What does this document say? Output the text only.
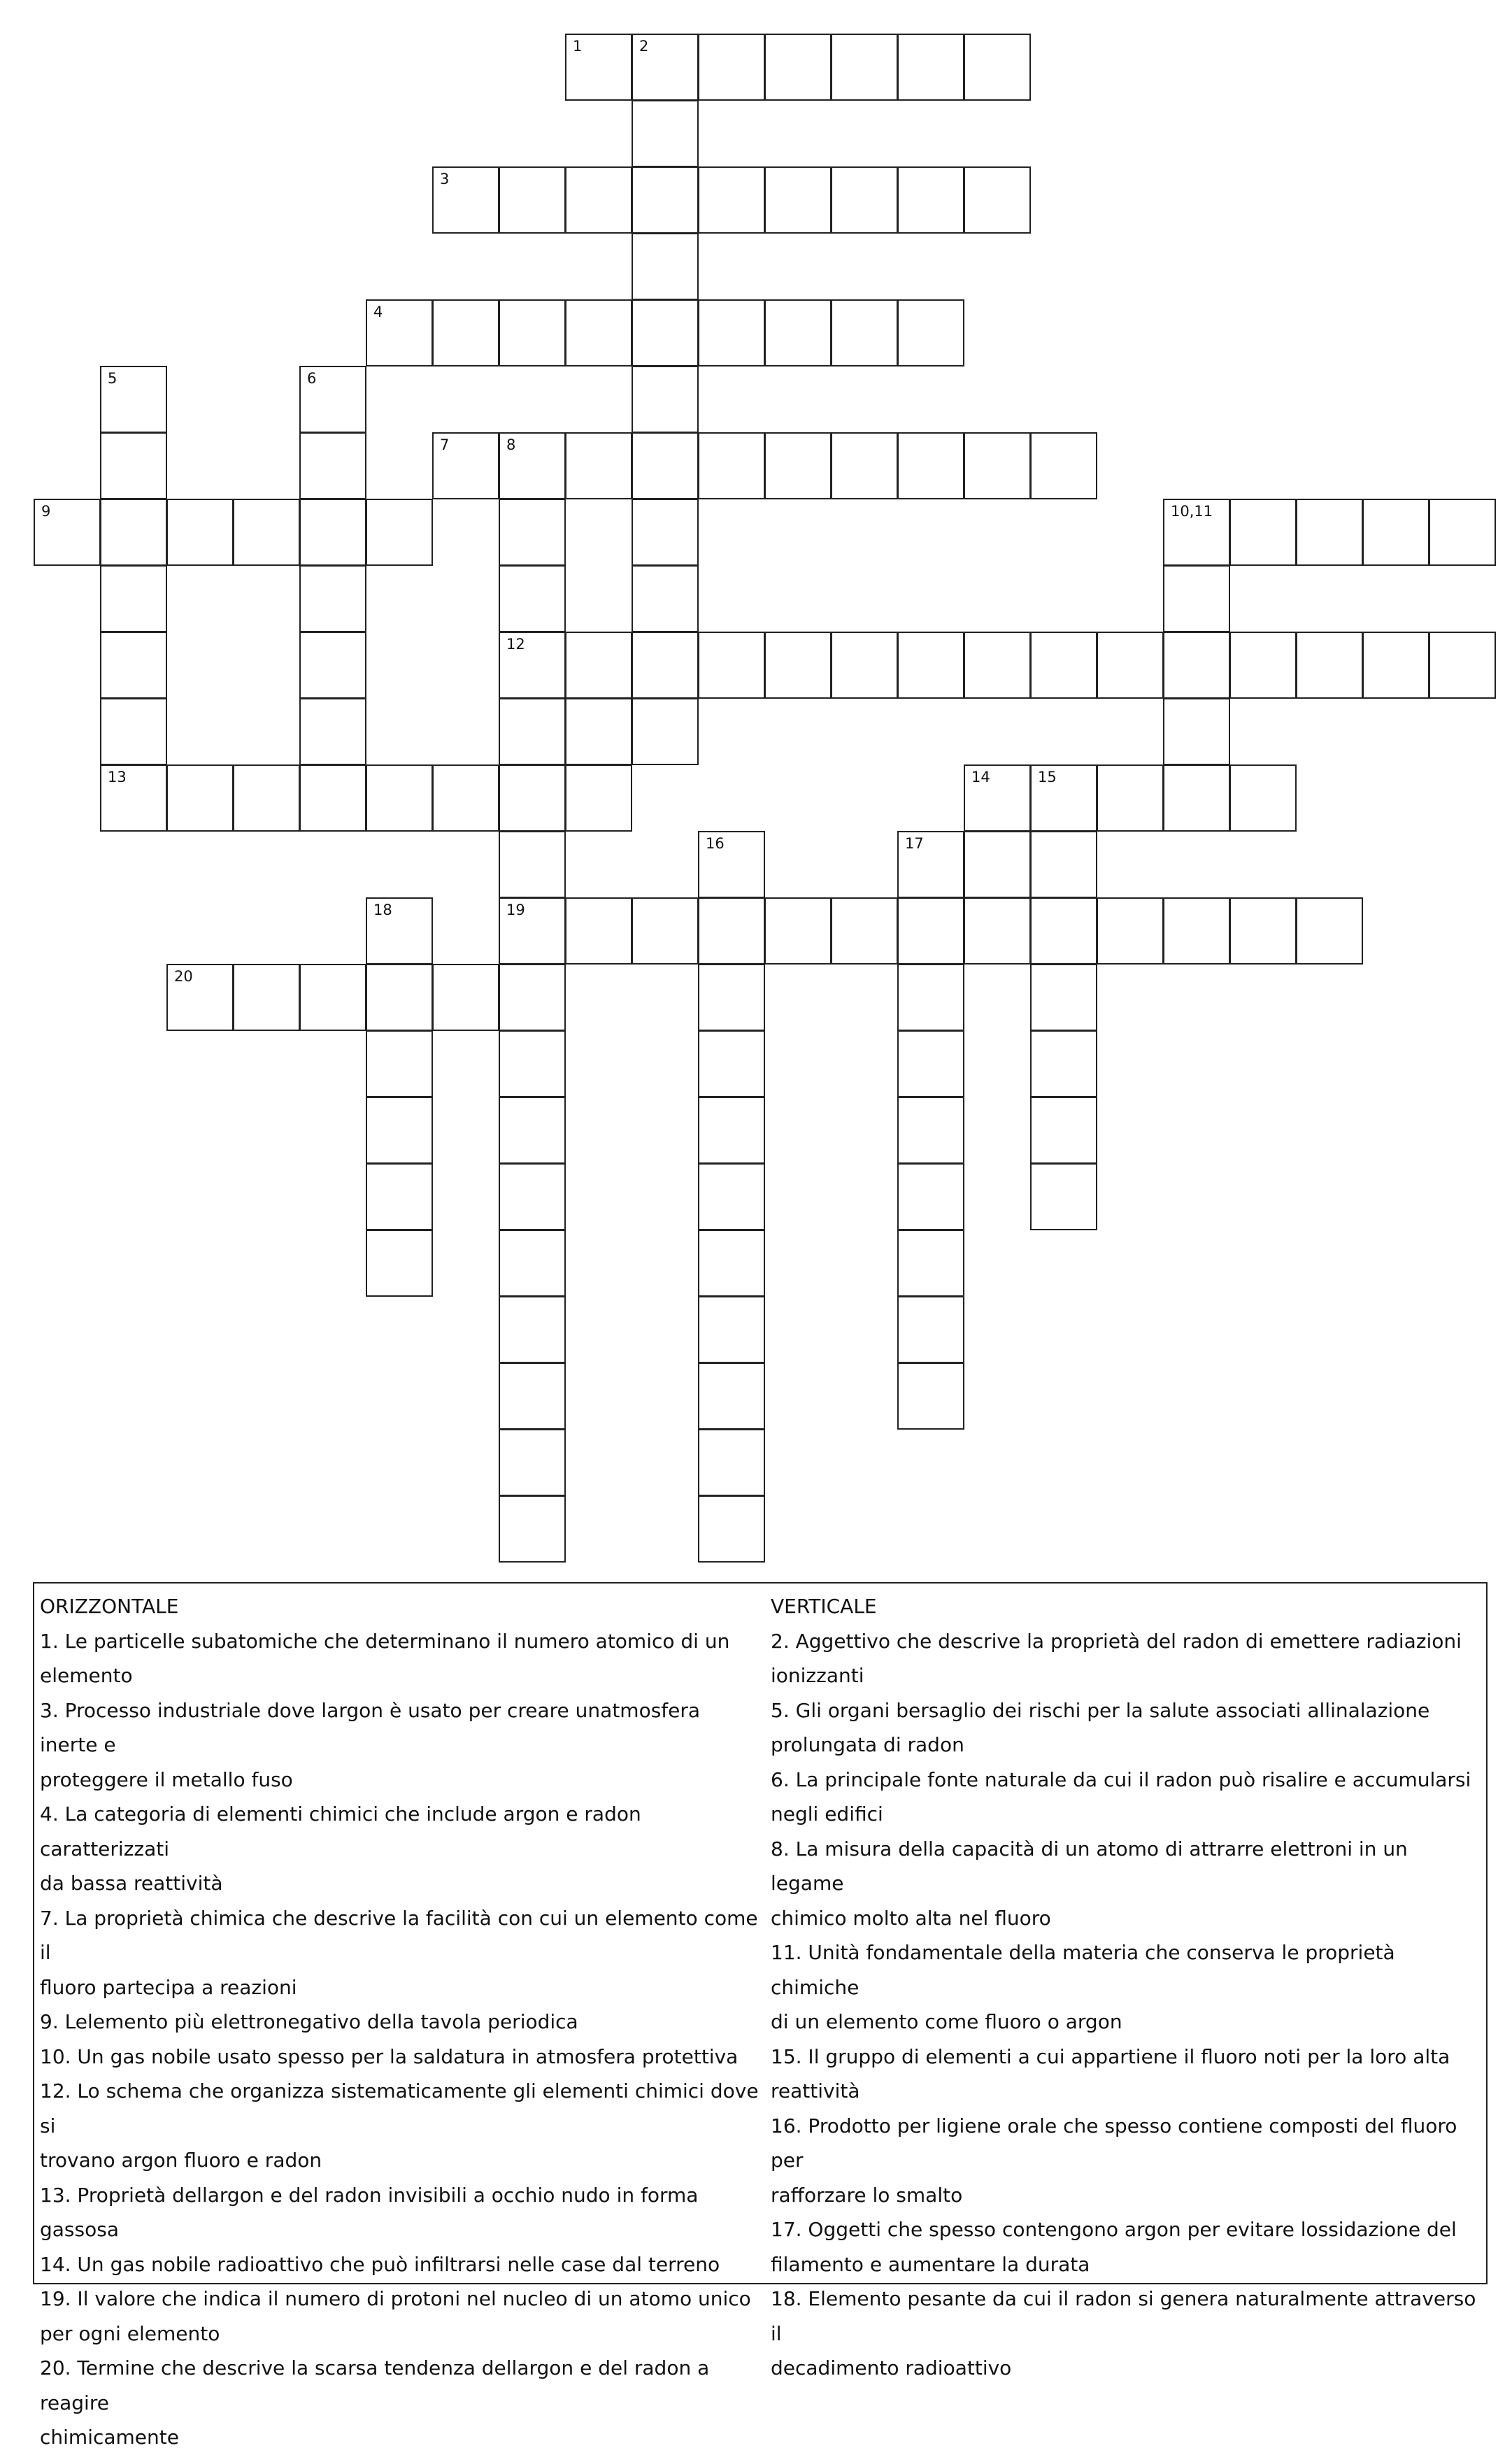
1	2
3
4
5	6
7	8
9	10,11
12
13	14	15
16	17
18	19
20

ORIZZONTALE

1. Le particelle subatomiche che determinano il numero atomico di un

elemento

3. Processo industriale dove largon è usato per creare unatmosfera inerte e

proteggere il metallo fuso

4. La categoria di elementi chimici che include argon e radon caratterizzati

da bassa reattività

7. La proprietà chimica che descrive la facilità con cui un elemento come il

fluoro partecipa a reazioni

9. Lelemento più elettronegativo della tavola periodica

10. Un gas nobile usato spesso per la saldatura in atmosfera protettiva

12. Lo schema che organizza sistematicamente gli elementi chimici dove si

trovano argon fluoro e radon

13. Proprietà dellargon e del radon invisibili a occhio nudo in forma gassosa

14. Un gas nobile radioattivo che può infiltrarsi nelle case dal terreno

19. Il valore che indica il numero di protoni nel nucleo di un atomo unico

per ogni elemento

20. Termine che descrive la scarsa tendenza dellargon e del radon a reagire

chimicamente

VERTICALE

2. Aggettivo che descrive la proprietà del radon di emettere radiazioni

ionizzanti

5. Gli organi bersaglio dei rischi per la salute associati allinalazione

prolungata di radon

6. La principale fonte naturale da cui il radon può risalire e accumularsi

negli edifici

8. La misura della capacità di un atomo di attrarre elettroni in un legame

chimico molto alta nel fluoro

11. Unità fondamentale della materia che conserva le proprietà chimiche

di un elemento come fluoro o argon

15. Il gruppo di elementi a cui appartiene il fluoro noti per la loro alta

reattività

16. Prodotto per ligiene orale che spesso contiene composti del fluoro per

rafforzare lo smalto

17. Oggetti che spesso contengono argon per evitare lossidazione del

filamento e aumentare la durata

18. Elemento pesante da cui il radon si genera naturalmente attraverso il

decadimento radioattivo
